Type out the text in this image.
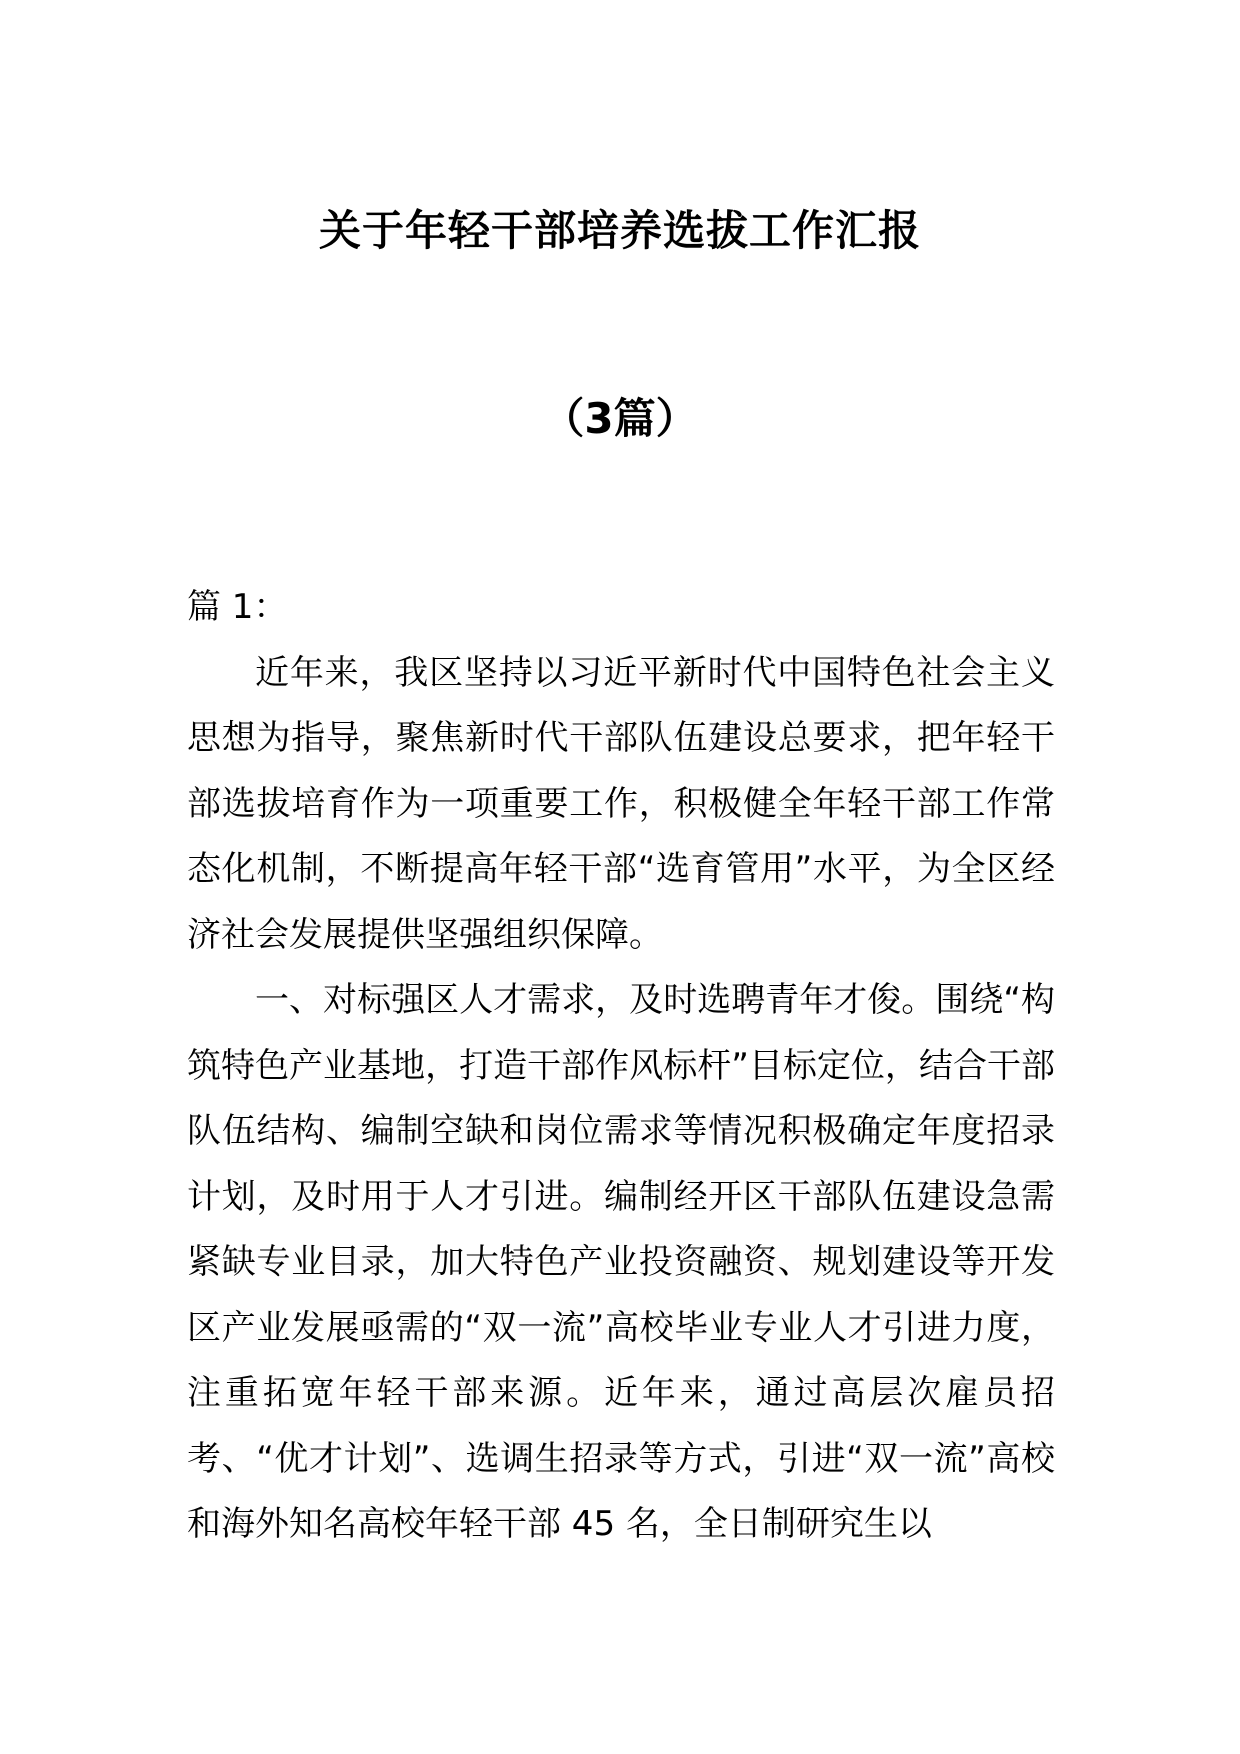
关于年轻干部培养选拔工作汇报
（3篇）

篇 1：

近年来，我区坚持以习近平新时代中国特色社会主义思想为指导，聚焦新时代干部队伍建设总要求，把年轻干部选拔培育作为一项重要工作，积极健全年轻干部工作常态化机制，不断提高年轻干部“选育管用”水平，为全区经济社会发展提供坚强组织保障。

一、对标强区人才需求，及时选聘青年才俊。围绕“构筑特色产业基地，打造干部作风标杆”目标定位，结合干部队伍结构、编制空缺和岗位需求等情况积极确定年度招录计划，及时用于人才引进。编制经开区干部队伍建设急需紧缺专业目录，加大特色产业投资融资、规划建设等开发区产业发展亟需的“双一流”高校毕业专业人才引进力度，注重拓宽年轻干部来源。近年来，通过高层次雇员招考、“优才计划”、选调生招录等方式，引进“双一流”高校和海外知名高校年轻干部 45 名，全日制研究生以
